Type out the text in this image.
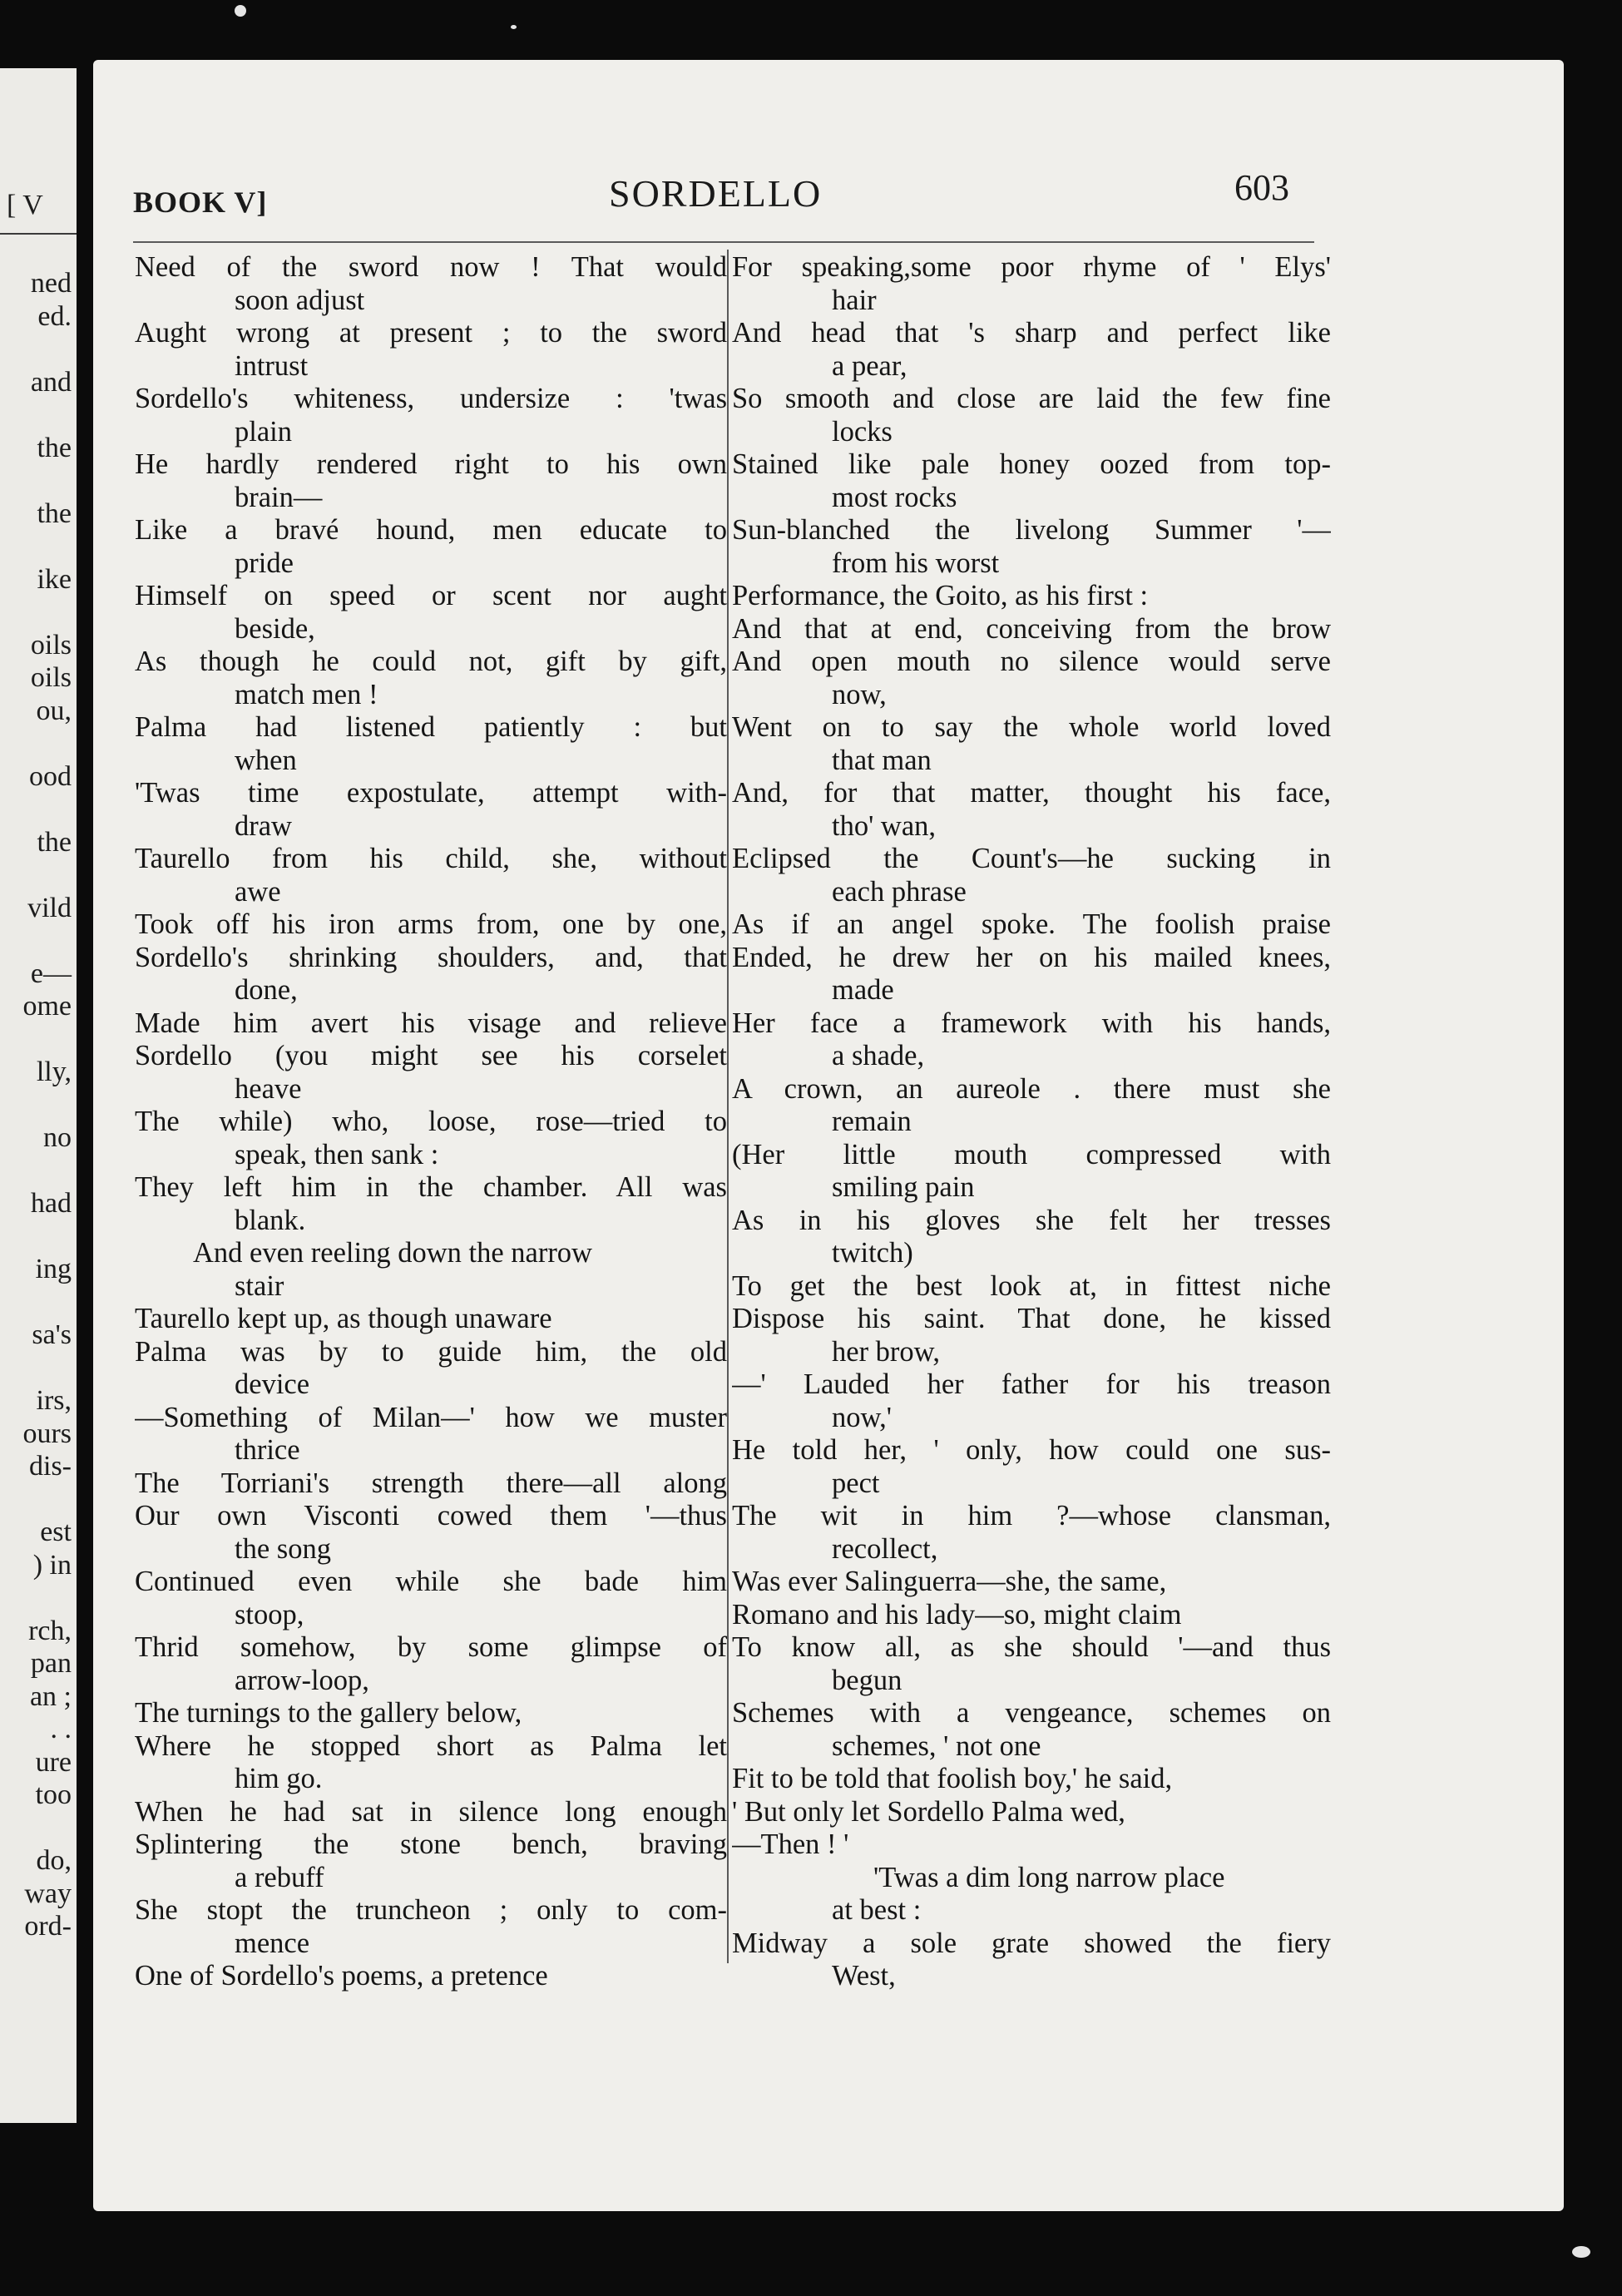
[ V
ned
ed.
and
the
the
ike
oils
oils
ou,
ood
the
vild
e—
ome
lly,
no
had
ing
sa's
irs,
ours
dis-
est
) in
rch,
pan
an ;
. .
ure
too
do,
way
ord-
BOOK V]	SORDELLO	603
Need of the sword now ! That would
soon adjust
Aught wrong at present ; to the sword
intrust
Sordello's whiteness, undersize : 'twas
plain
He hardly rendered right to his own
brain—
Like a bravé hound, men educate to
pride
Himself on speed or scent nor aught
beside,
As though he could not, gift by gift,
match men !
Palma had listened patiently : but
when
'Twas time expostulate, attempt with-
draw
Taurello from his child, she, without
awe
Took off his iron arms from, one by one,
Sordello's shrinking shoulders, and, that
done,
Made him avert his visage and relieve
Sordello (you might see his corselet
heave
The while) who, loose, rose—tried to
speak, then sank :
They left him in the chamber. All was
blank.
And even reeling down the narrow
stair
Taurello kept up, as though unaware
Palma was by to guide him, the old
device
—Something of Milan—' how we muster
thrice
The Torriani's strength there—all along
Our own Visconti cowed them '—thus
the song
Continued even while she bade him
stoop,
Thrid somehow, by some glimpse of
arrow-loop,
The turnings to the gallery below,
Where he stopped short as Palma let
him go.
When he had sat in silence long enough
Splintering the stone bench, braving
a rebuff
She stopt the truncheon ; only to com-
mence
One of Sordello's poems, a pretence
For speaking,some poor rhyme of ' Elys'
hair
And head that 's sharp and perfect like
a pear,
So smooth and close are laid the few fine
locks
Stained like pale honey oozed from top-
most rocks
Sun-blanched the livelong Summer '—
from his worst
Performance, the Goito, as his first :
And that at end, conceiving from the brow
And open mouth no silence would serve
now,
Went on to say the whole world loved
that man
And, for that matter, thought his face,
tho' wan,
Eclipsed the Count's—he sucking in
each phrase
As if an angel spoke. The foolish praise
Ended, he drew her on his mailed knees,
made
Her face a framework with his hands,
a shade,
A crown, an aureole . there must she
remain
(Her little mouth compressed with
smiling pain
As in his gloves she felt her tresses
twitch)
To get the best look at, in fittest niche
Dispose his saint. That done, he kissed
her brow,
—' Lauded her father for his treason
now,'
He told her, ' only, how could one sus-
pect
The wit in him ?—whose clansman,
recollect,
Was ever Salinguerra—she, the same,
Romano and his lady—so, might claim
To know all, as she should '—and thus
begun
Schemes with a vengeance, schemes on
schemes, ' not one
Fit to be told that foolish boy,' he said,
' But only let Sordello Palma wed,
—Then ! '
'Twas a dim long narrow place
at best :
Midway a sole grate showed the fiery
West,
